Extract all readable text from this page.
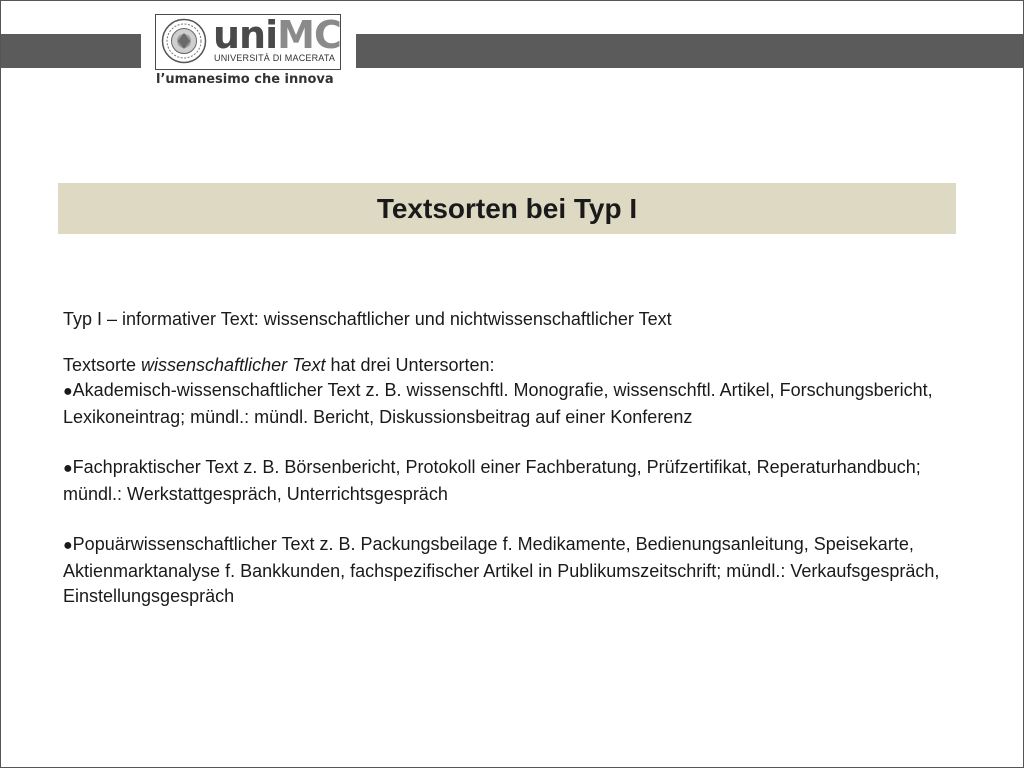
uniMC
UNIVERSITÀ DI MACERATA
l’umanesimo che innova
Textsorten bei Typ I

Typ I – informativer Text: wissenschaftlicher und nichtwissenschaftlicher Text

Textsorte wissenschaftlicher Text hat drei Untersorten:

●Akademisch-wissenschaftlicher Text z. B. wissenschftl. Monografie, wissenschftl. Artikel, Forschungsbericht, Lexikoneintrag; mündl.: mündl. Bericht, Diskussionsbeitrag auf einer Konferenz

●Fachpraktischer Text z. B. Börsenbericht, Protokoll einer Fachberatung, Prüfzertifikat, Reperaturhandbuch; mündl.: Werkstattgespräch, Unterrichtsgespräch

●Popuärwissenschaftlicher Text z. B. Packungsbeilage f. Medikamente, Bedienungsanleitung, Speisekarte, Aktienmarktanalyse f. Bankkunden, fachspezifischer Artikel in Publikumszeitschrift; mündl.: Verkaufsgespräch, Einstellungsgespräch
